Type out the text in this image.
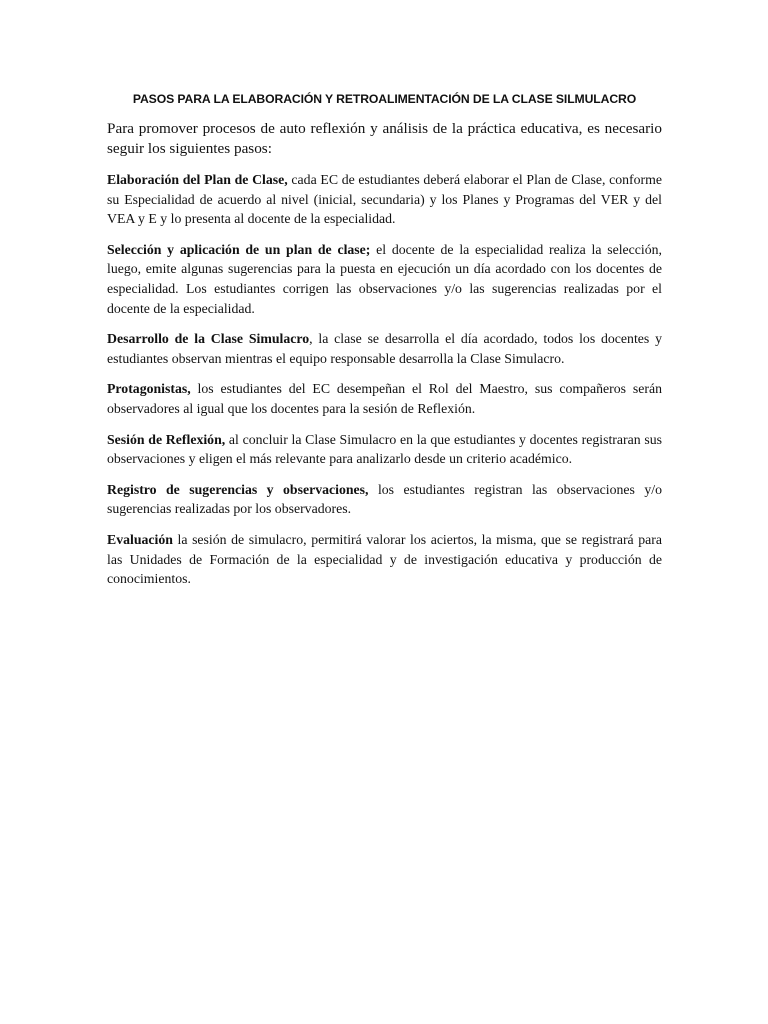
PASOS PARA LA ELABORACIÓN Y RETROALIMENTACIÓN DE LA CLASE SILMULACRO

Para promover procesos de auto reflexión y análisis de la práctica educativa, es necesario seguir los siguientes pasos:

Elaboración del Plan de Clase, cada EC de estudiantes deberá elaborar el Plan de Clase, conforme su Especialidad de acuerdo al nivel (inicial, secundaria) y los Planes y Programas del VER y del VEA y E y lo presenta al docente de la especialidad.

Selección y aplicación de un plan de clase; el docente de la especialidad realiza la selección, luego, emite algunas sugerencias para la puesta en ejecución un día acordado con los docentes de especialidad. Los estudiantes corrigen las observaciones y/o las sugerencias realizadas por el docente de la especialidad.

Desarrollo de la Clase Simulacro, la clase se desarrolla el día acordado, todos los docentes y estudiantes observan mientras el equipo responsable desarrolla la Clase Simulacro.

Protagonistas, los estudiantes del EC desempeñan el Rol del Maestro, sus compañeros serán observadores al igual que los docentes para la sesión de Reflexión.

Sesión de Reflexión, al concluir la Clase Simulacro en la que estudiantes y docentes registraran sus observaciones y eligen el más relevante para analizarlo desde un criterio académico.

Registro de sugerencias y observaciones, los estudiantes registran las observaciones y/o sugerencias realizadas por los observadores.

Evaluación la sesión de simulacro, permitirá valorar los aciertos, la misma, que se registrará para las Unidades de Formación de la especialidad y de investigación educativa y producción de conocimientos.
